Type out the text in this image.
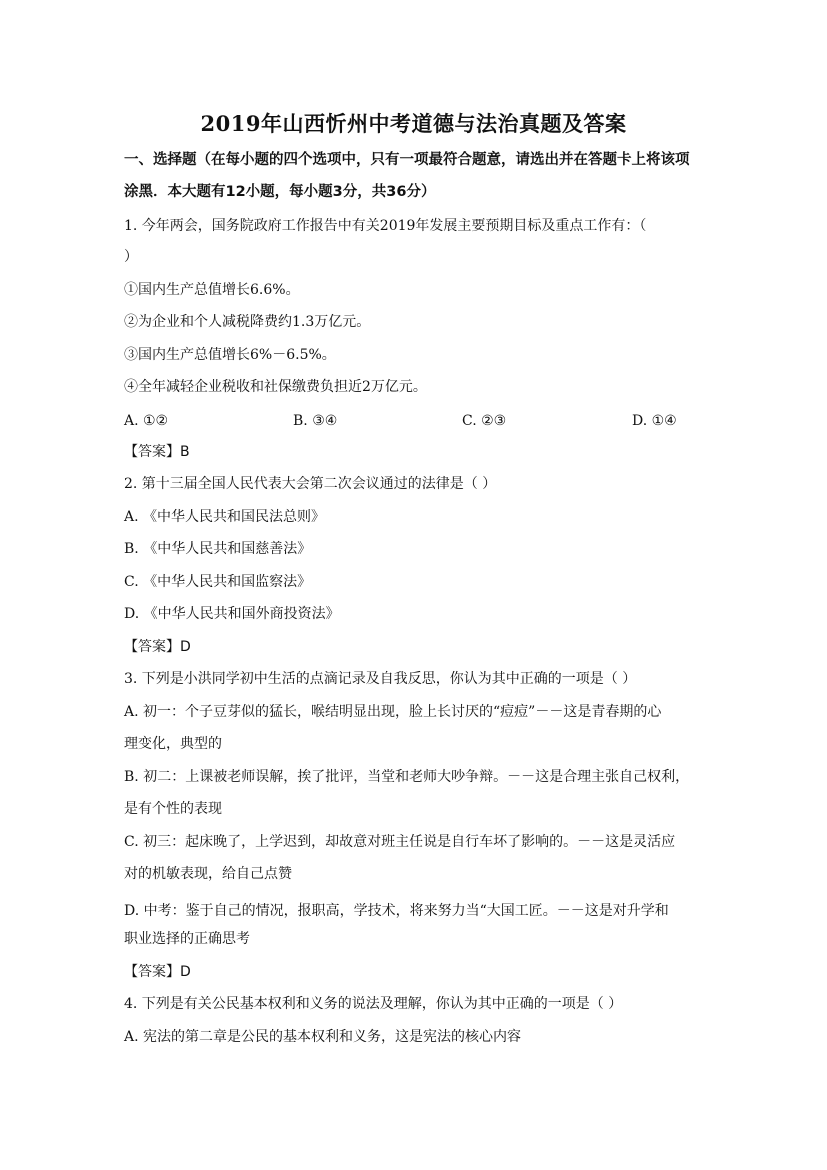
2019年山西忻州中考道德与法治真题及答案
一、选择题（在每小题的四个选项中，只有一项最符合题意，请选出并在答题卡上将该项
涂黑．本大题有12小题，每小题3分，共36分）
1. 今年两会，国务院政府工作报告中有关2019年发展主要预期目标及重点工作有：（
）
①国内生产总值增长6.6%。
②为企业和个人减税降费约1.3万亿元。
③国内生产总值增长6%－6.5%。
④全年减轻企业税收和社保缴费负担近2万亿元。
A. ①②	B. ③④	C. ②③	D. ①④
【答案】B
2. 第十三届全国人民代表大会第二次会议通过的法律是（ ）
A. 《中华人民共和国民法总则》
B. 《中华人民共和国慈善法》
C. 《中华人民共和国监察法》
D. 《中华人民共和国外商投资法》
【答案】D
3. 下列是小洪同学初中生活的点滴记录及自我反思，你认为其中正确的一项是（ ）
A. 初一：个子豆芽似的猛长，喉结明显出现，脸上长讨厌的“痘痘”－－这是青春期的心
理变化，典型的
B. 初二：上课被老师误解，挨了批评，当堂和老师大吵争辩。－－这是合理主张自己权利，
是有个性的表现
C. 初三：起床晚了，上学迟到，却故意对班主任说是自行车坏了影响的。－－这是灵活应
对的机敏表现，给自己点赞
D. 中考：鉴于自己的情况，报职高，学技术，将来努力当“大国工匠。－－这是对升学和
职业选择的正确思考
【答案】D
4. 下列是有关公民基本权利和义务的说法及理解，你认为其中正确的一项是（ ）
A. 宪法的第二章是公民的基本权利和义务，这是宪法的核心内容
